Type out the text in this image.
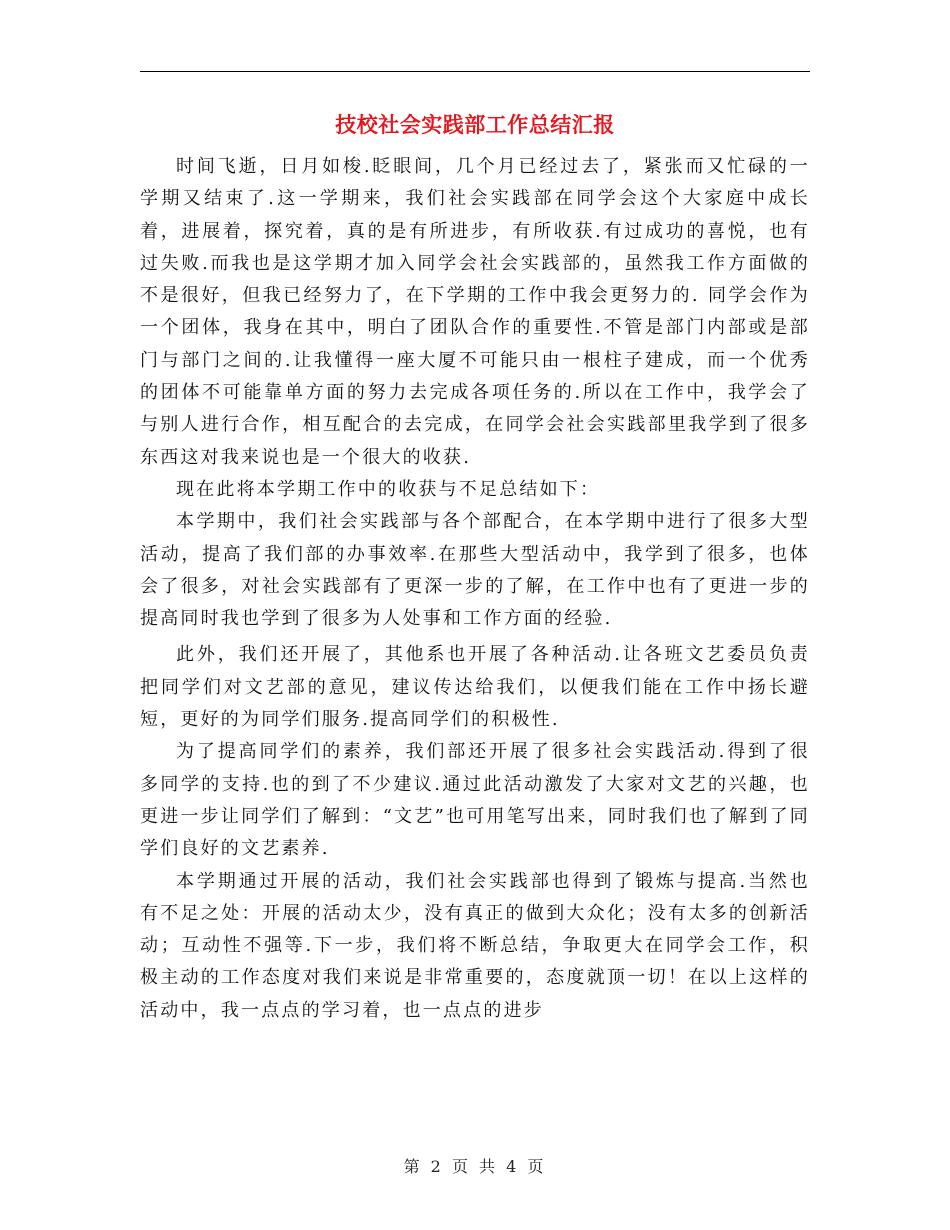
技校社会实践部工作总结汇报

时间飞逝，日月如梭.眨眼间，几个月已经过去了，紧张而又忙碌的一学期又结束了.这一学期来，我们社会实践部在同学会这个大家庭中成长着，进展着，探究着，真的是有所进步，有所收获.有过成功的喜悦，也有过失败.而我也是这学期才加入同学会社会实践部的，虽然我工作方面做的不是很好，但我已经努力了，在下学期的工作中我会更努力的. 同学会作为一个团体，我身在其中，明白了团队合作的重要性.不管是部门内部或是部门与部门之间的.让我懂得一座大厦不可能只由一根柱子建成，而一个优秀的团体不可能靠单方面的努力去完成各项任务的.所以在工作中，我学会了与别人进行合作，相互配合的去完成，在同学会社会实践部里我学到了很多东西这对我来说也是一个很大的收获.

现在此将本学期工作中的收获与不足总结如下：

本学期中，我们社会实践部与各个部配合，在本学期中进行了很多大型活动，提高了我们部的办事效率.在那些大型活动中，我学到了很多，也体会了很多，对社会实践部有了更深一步的了解，在工作中也有了更进一步的提高同时我也学到了很多为人处事和工作方面的经验.

此外，我们还开展了，其他系也开展了各种活动.让各班文艺委员负责把同学们对文艺部的意见，建议传达给我们，以便我们能在工作中扬长避短，更好的为同学们服务.提高同学们的积极性.

为了提高同学们的素养，我们部还开展了很多社会实践活动.得到了很多同学的支持.也的到了不少建议.通过此活动激发了大家对文艺的兴趣，也更进一步让同学们了解到：“文艺”也可用笔写出来，同时我们也了解到了同学们良好的文艺素养.

本学期通过开展的活动，我们社会实践部也得到了锻炼与提高.当然也有不足之处：开展的活动太少，没有真正的做到大众化；没有太多的创新活动；互动性不强等.下一步，我们将不断总结，争取更大在同学会工作，积极主动的工作态度对我们来说是非常重要的，态度就顶一切！在以上这样的活动中，我一点点的学习着，也一点点的进步

第 2 页 共 4 页
